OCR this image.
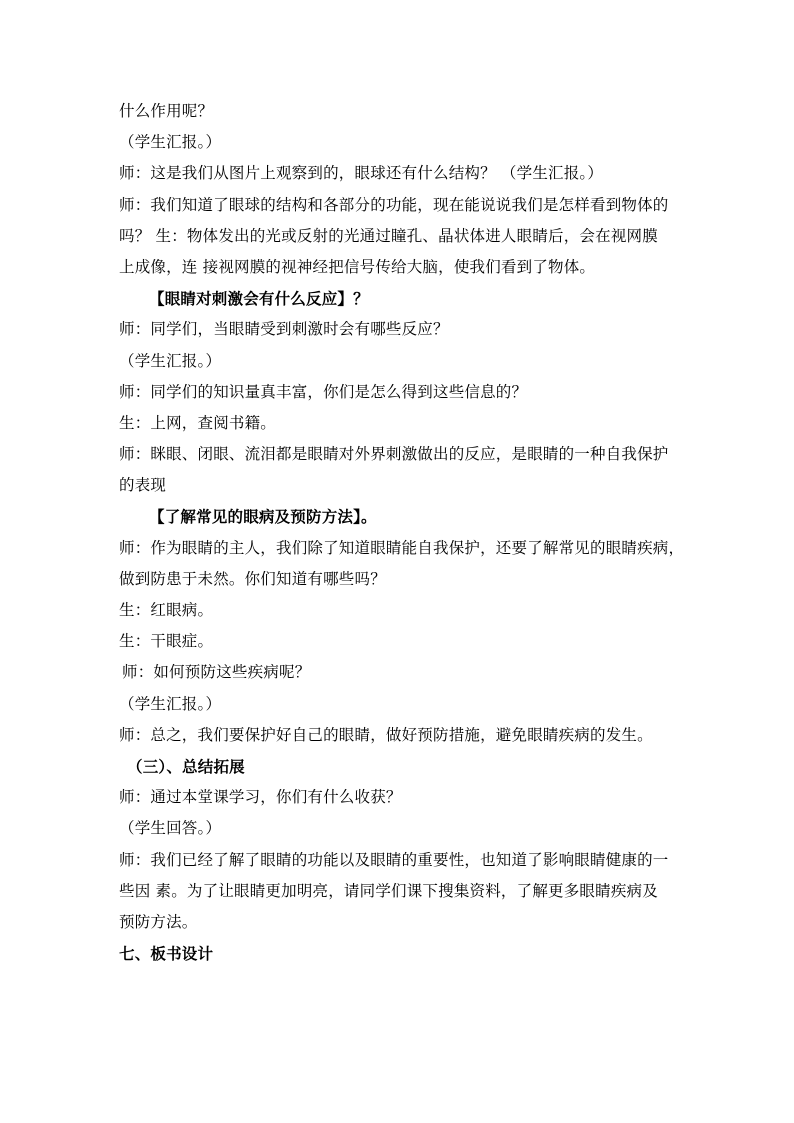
什么作用呢？
（学生汇报。）
师：这是我们从图片上观察到的，眼球还有什么结构？ （学生汇报。）
师：我们知道了眼球的结构和各部分的功能，现在能说说我们是怎样看到物体的
吗？ 生：物体发出的光或反射的光通过瞳孔、晶状体进人眼睛后，会在视网膜
上成像，连 接视网膜的视神经把信号传给大脑，使我们看到了物体。
【眼睛对刺激会有什么反应】？
师：同学们，当眼睛受到刺激时会有哪些反应？
（学生汇报。）
师：同学们的知识量真丰富，你们是怎么得到这些信息的？
生：上网，查阅书籍。
师：眯眼、闭眼、流泪都是眼睛对外界刺激做出的反应，是眼睛的一种自我保护
的表现
【了解常见的眼病及预防方法】。
师：作为眼睛的主人，我们除了知道眼睛能自我保护，还要了解常见的眼睛疾病，
做到防患于未然。你们知道有哪些吗？
生：红眼病。
生：干眼症。
师：如何预防这些疾病呢？
（学生汇报。）
师：总之，我们要保护好自己的眼睛，做好预防措施，避免眼睛疾病的发生。
（三）、总结拓展
师：通过本堂课学习，你们有什么收获？
（学生回答。）
师：我们已经了解了眼睛的功能以及眼睛的重要性，也知道了影响眼睛健康的一
些因 素。为了让眼睛更加明亮，请同学们课下搜集资料，了解更多眼睛疾病及
预防方法。
七、板书设计
